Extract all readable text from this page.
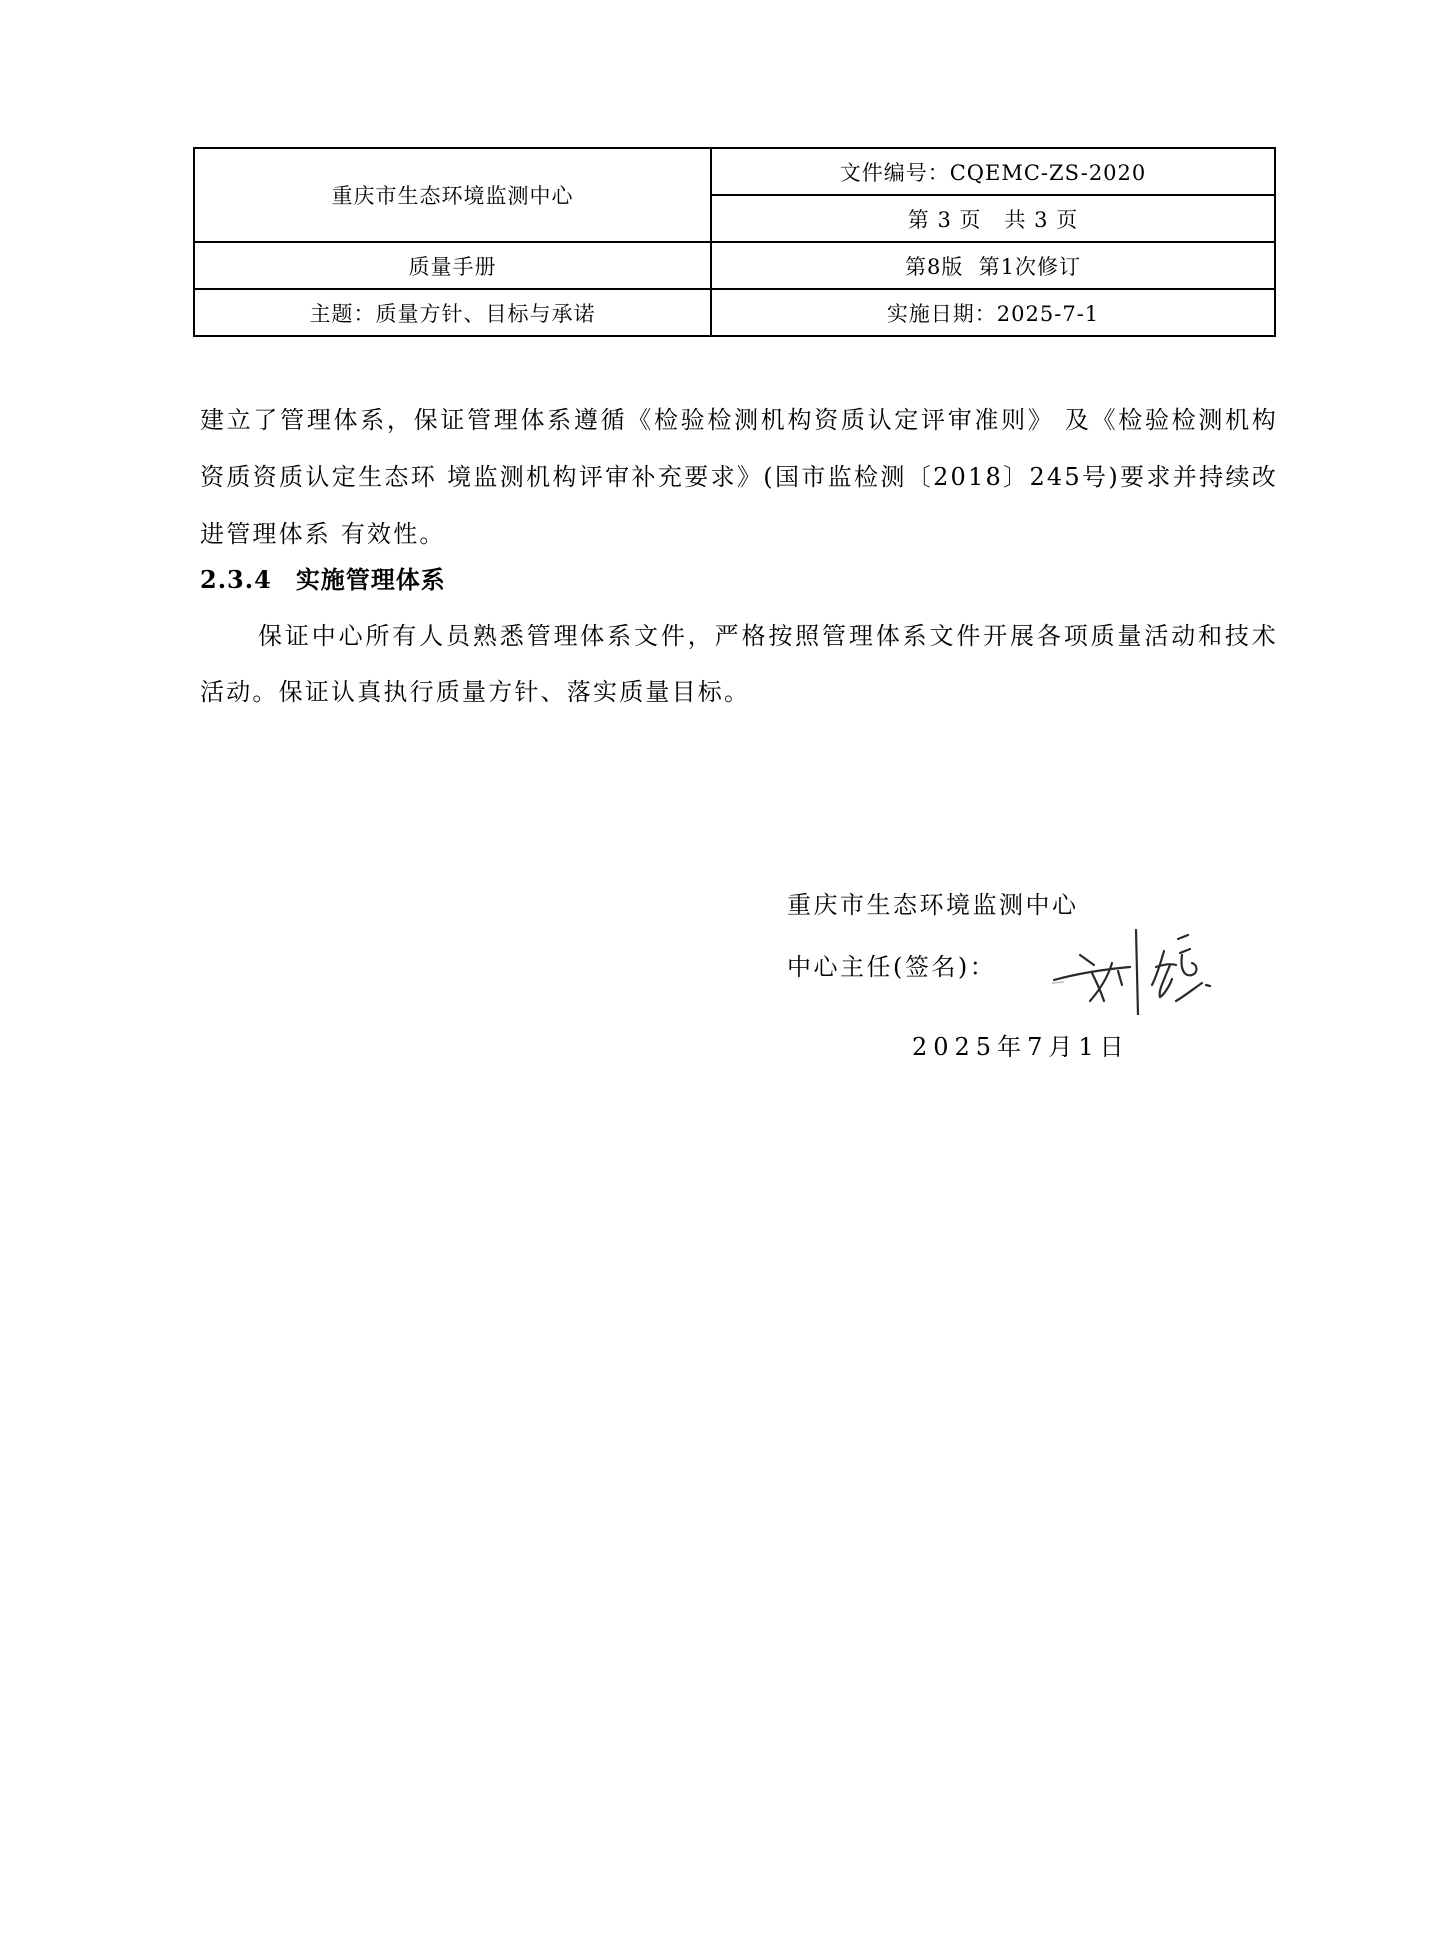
重庆市生态环境监测中心	文件编号：CQEMC-ZS-2020
	第 3 页   共 3 页
质量手册	第8版  第1次修订
主题：质量方针、目标与承诺	实施日期：2025-7-1

建立了管理体系，保证管理体系遵循《检验检测机构资质认定评审准则》 及《检验检测机构资质资质认定生态环 境监测机构评审补充要求》(国市监检测〔2018〕245号)要求并持续改进管理体系 有效性。

2.3.4 实施管理体系

保证中心所有人员熟悉管理体系文件，严格按照管理体系文件开展各项质量活动和技术活动。保证认真执行质量方针、落实质量目标。

重庆市生态环境监测中心
中心主任(签名)：
2025年7月1日
